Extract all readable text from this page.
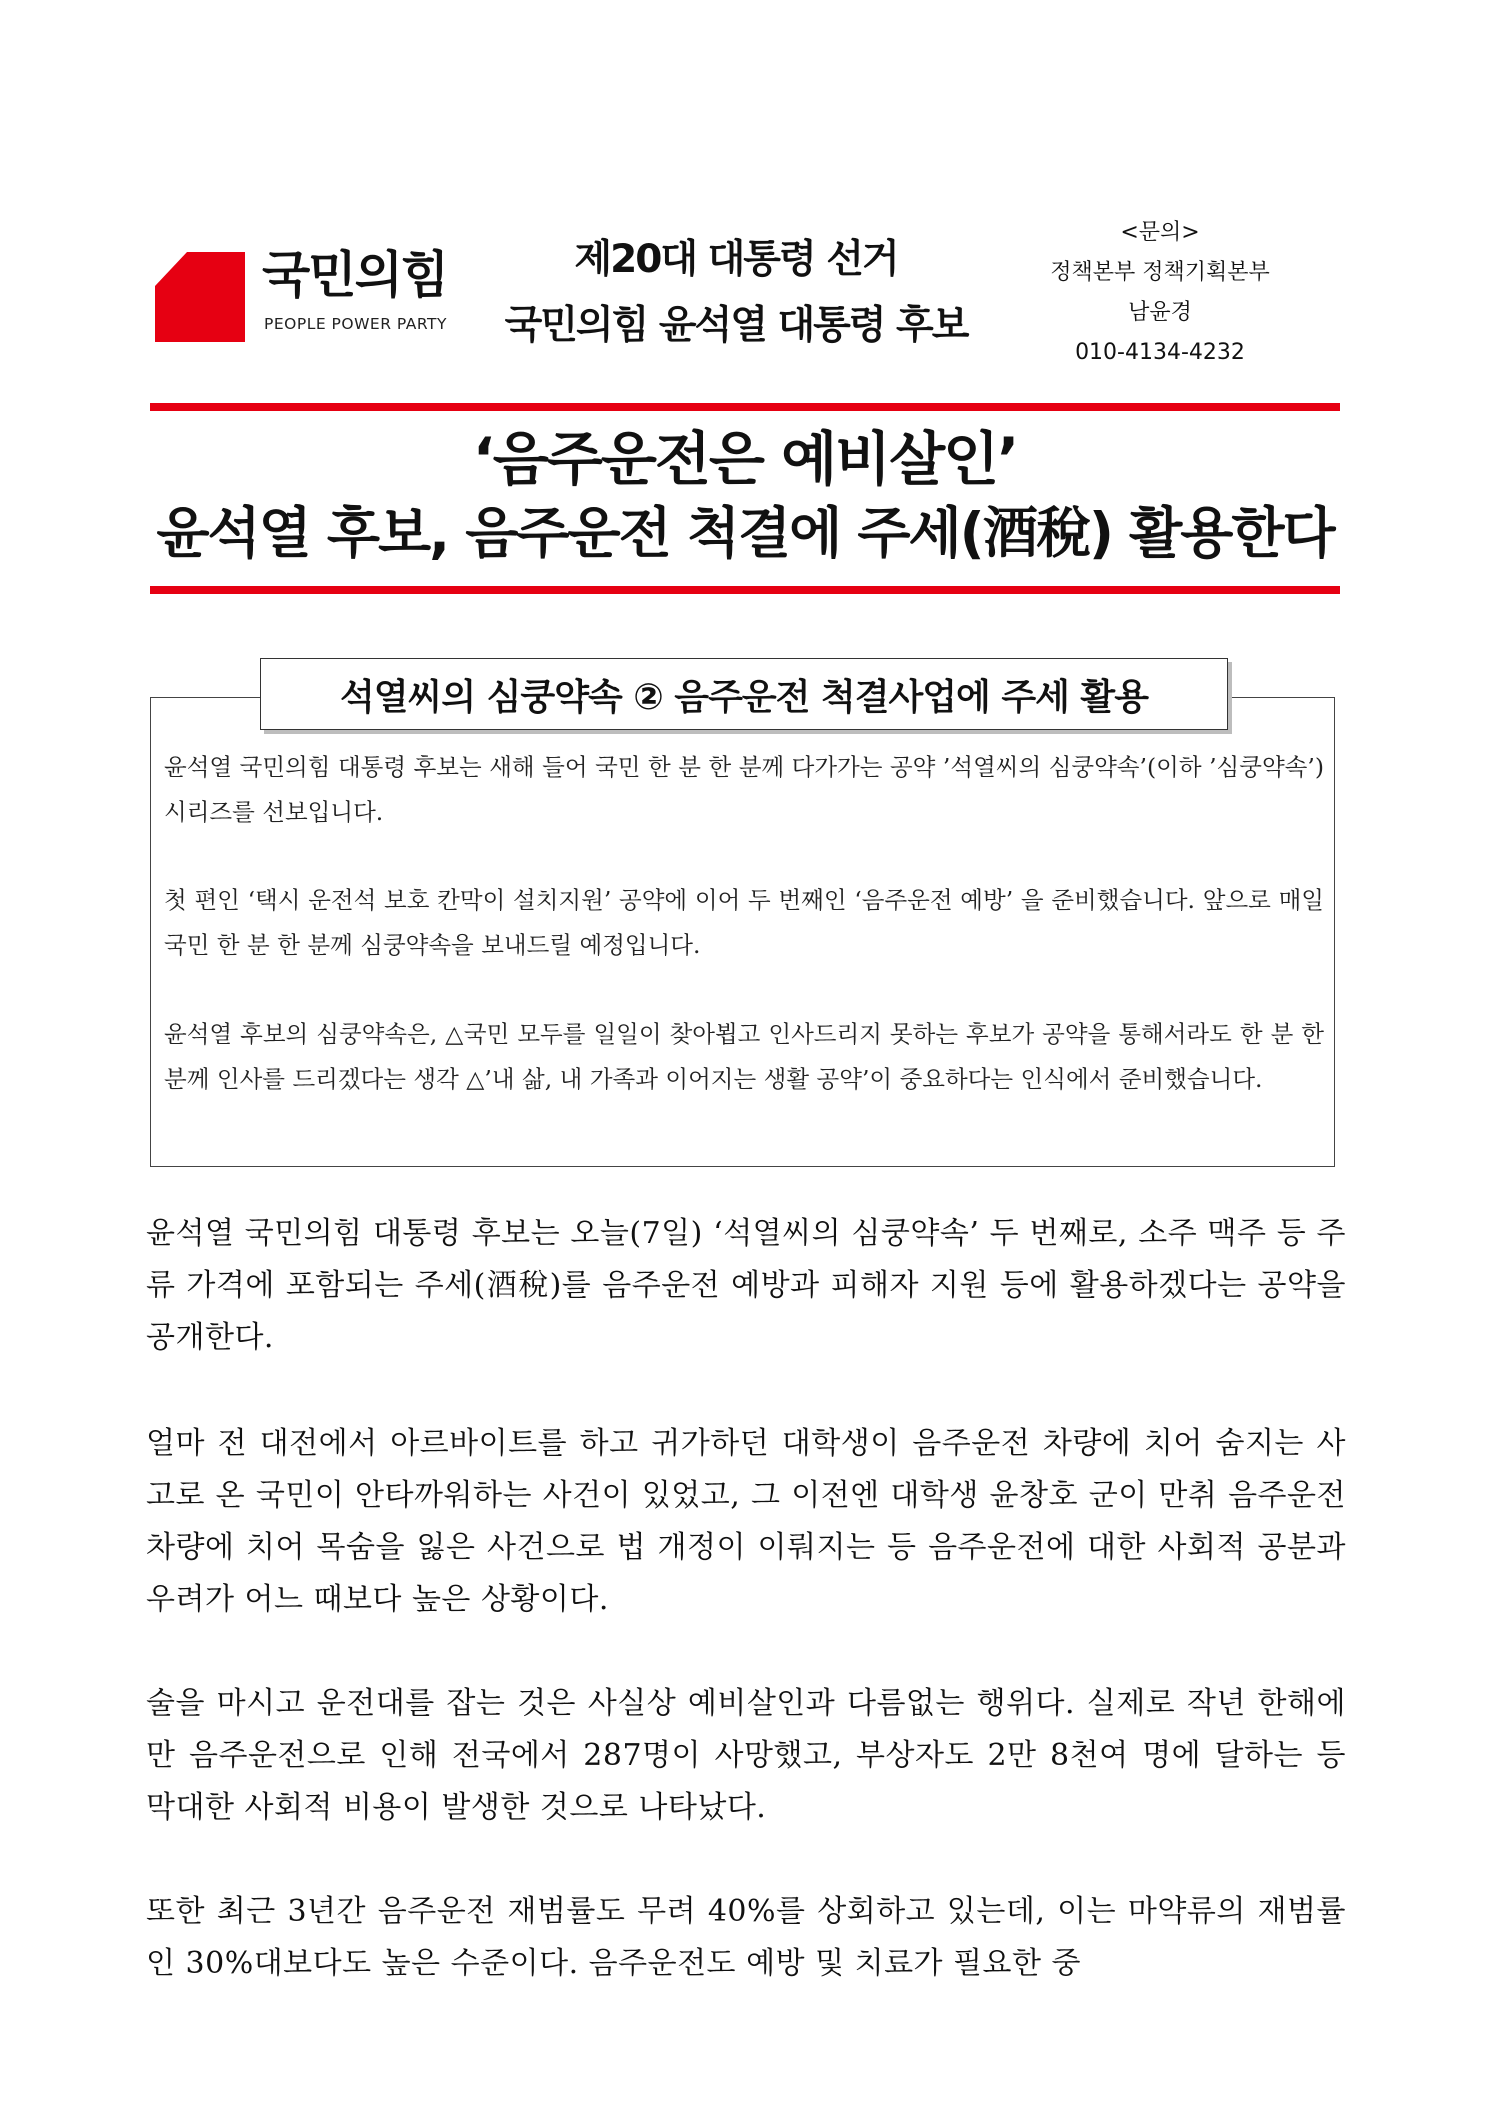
국민의힘
PEOPLE POWER PARTY
제20대 대통령 선거
국민의힘 윤석열 대통령 후보
<문의>
정책본부 정책기획본부
남윤경
010-4134-4232
‘음주운전은 예비살인’
윤석열 후보, 음주운전 척결에 주세(酒稅) 활용한다
석열씨의 심쿵약속 ② 음주운전 척결사업에 주세 활용

윤석열 국민의힘 대통령 후보는 새해 들어 국민 한 분 한 분께 다가가는 공약 ’석열씨의 심쿵약속’(이하 ’심쿵약속’) 시리즈를 선보입니다.

첫 편인 ‘택시 운전석 보호 칸막이 설치지원’ 공약에 이어 두 번째인 ‘음주운전 예방’ 을 준비했습니다. 앞으로 매일 국민 한 분 한 분께 심쿵약속을 보내드릴 예정입니다.

윤석열 후보의 심쿵약속은, △국민 모두를 일일이 찾아뵙고 인사드리지 못하는 후보가 공약을 통해서라도 한 분 한 분께 인사를 드리겠다는 생각 △’내 삶, 내 가족과 이어지는 생활 공약’이 중요하다는 인식에서 준비했습니다.

윤석열 국민의힘 대통령 후보는 오늘(7일) ‘석열씨의 심쿵약속’ 두 번째로, 소주 맥주 등 주류 가격에 포함되는 주세(酒稅)를 음주운전 예방과 피해자 지원 등에 활용하겠다는 공약을 공개한다.

얼마 전 대전에서 아르바이트를 하고 귀가하던 대학생이 음주운전 차량에 치어 숨지는 사고로 온 국민이 안타까워하는 사건이 있었고, 그 이전엔 대학생 윤창호 군이 만취 음주운전 차량에 치어 목숨을 잃은 사건으로 법 개정이 이뤄지는 등 음주운전에 대한 사회적 공분과 우려가 어느 때보다 높은 상황이다.

술을 마시고 운전대를 잡는 것은 사실상 예비살인과 다름없는 행위다. 실제로 작년 한해에만 음주운전으로 인해 전국에서 287명이 사망했고, 부상자도 2만 8천여 명에 달하는 등 막대한 사회적 비용이 발생한 것으로 나타났다.

또한 최근 3년간 음주운전 재범률도 무려 40%를 상회하고 있는데, 이는 마약류의 재범률인 30%대보다도 높은 수준이다. 음주운전도 예방 및 치료가 필요한 중
